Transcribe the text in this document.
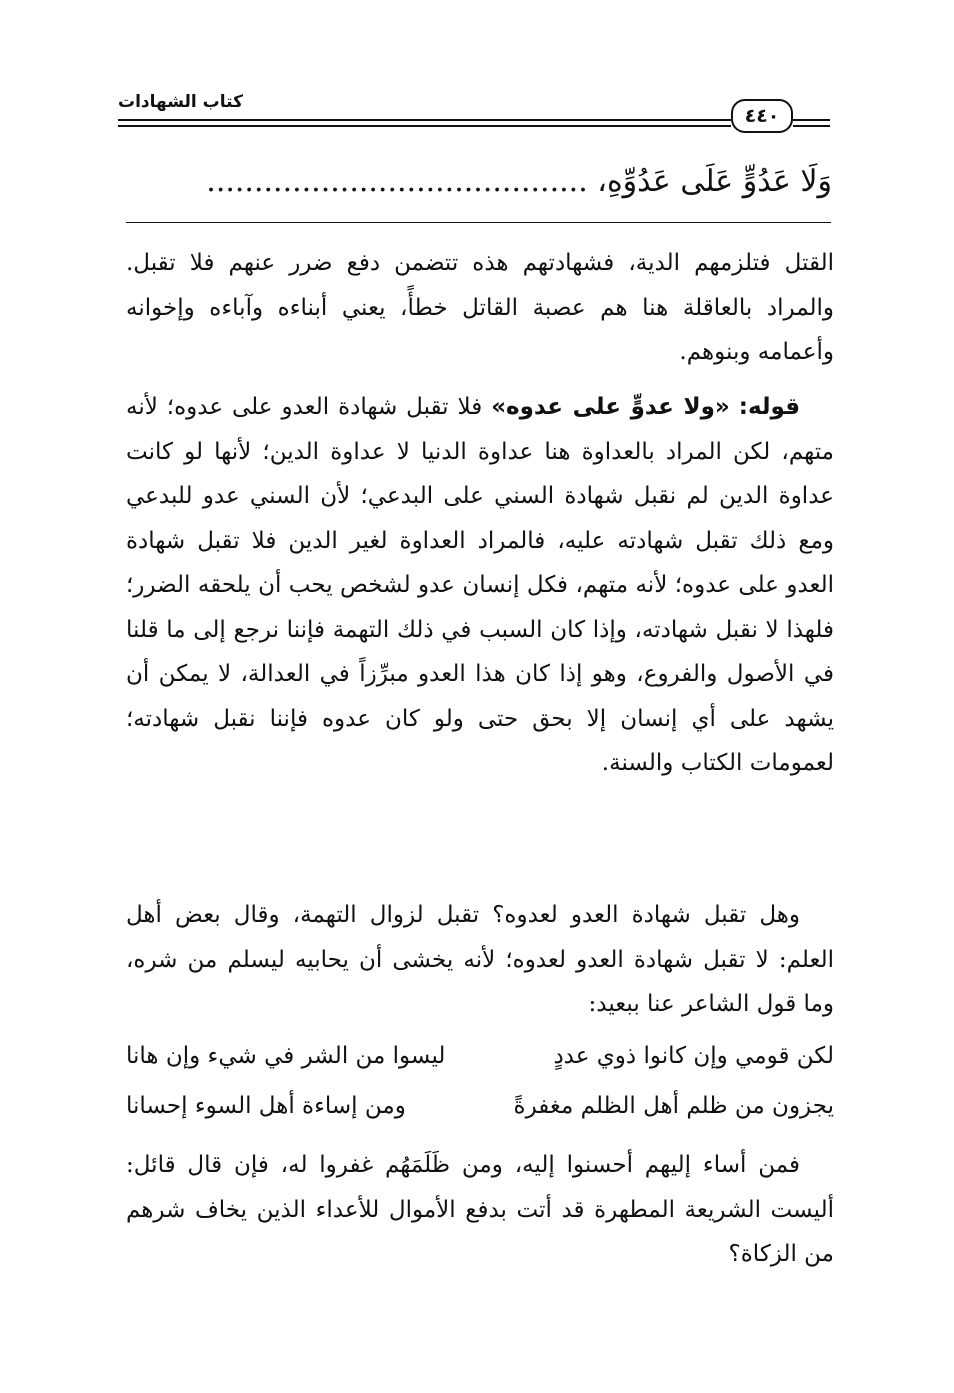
كتاب الشهادات
٤٤٠
وَلَا عَدُوٍّ عَلَى عَدُوِّهِ، ........................................

القتل فتلزمهم الدية، فشهادتهم هذه تتضمن دفع ضرر عنهم فلا تقبل. والمراد بالعاقلة هنا هم عصبة القاتل خطأً، يعني أبناءه وآباءه وإخوانه وأعمامه وبنوهم.

قوله: «ولا عدوٍّ على عدوه» فلا تقبل شهادة العدو على عدوه؛ لأنه متهم، لكن المراد بالعداوة هنا عداوة الدنيا لا عداوة الدين؛ لأنها لو كانت عداوة الدين لم نقبل شهادة السني على البدعي؛ لأن السني عدو للبدعي ومع ذلك تقبل شهادته عليه، فالمراد العداوة لغير الدين فلا تقبل شهادة العدو على عدوه؛ لأنه متهم، فكل إنسان عدو لشخص يحب أن يلحقه الضرر؛ فلهذا لا نقبل شهادته، وإذا كان السبب في ذلك التهمة فإننا نرجع إلى ما قلنا في الأصول والفروع، وهو إذا كان هذا العدو مبرِّزاً في العدالة، لا يمكن أن يشهد على أي إنسان إلا بحق حتى ولو كان عدوه فإننا نقبل شهادته؛ لعمومات الكتاب والسنة.

وهل تقبل شهادة العدو لعدوه؟ تقبل لزوال التهمة، وقال بعض أهل العلم: لا تقبل شهادة العدو لعدوه؛ لأنه يخشى أن يحابيه ليسلم من شره، وما قول الشاعر عنا ببعيد:

لكن قومي وإن كانوا ذوي عددٍ
ليسوا من الشر في شيء وإن هانا
يجزون من ظلم أهل الظلم مغفرةً
ومن إساءة أهل السوء إحسانا

فمن أساء إليهم أحسنوا إليه، ومن ظَلَمَهُم غفروا له، فإن قال قائل: أليست الشريعة المطهرة قد أتت بدفع الأموال للأعداء الذين يخاف شرهم من الزكاة؟
